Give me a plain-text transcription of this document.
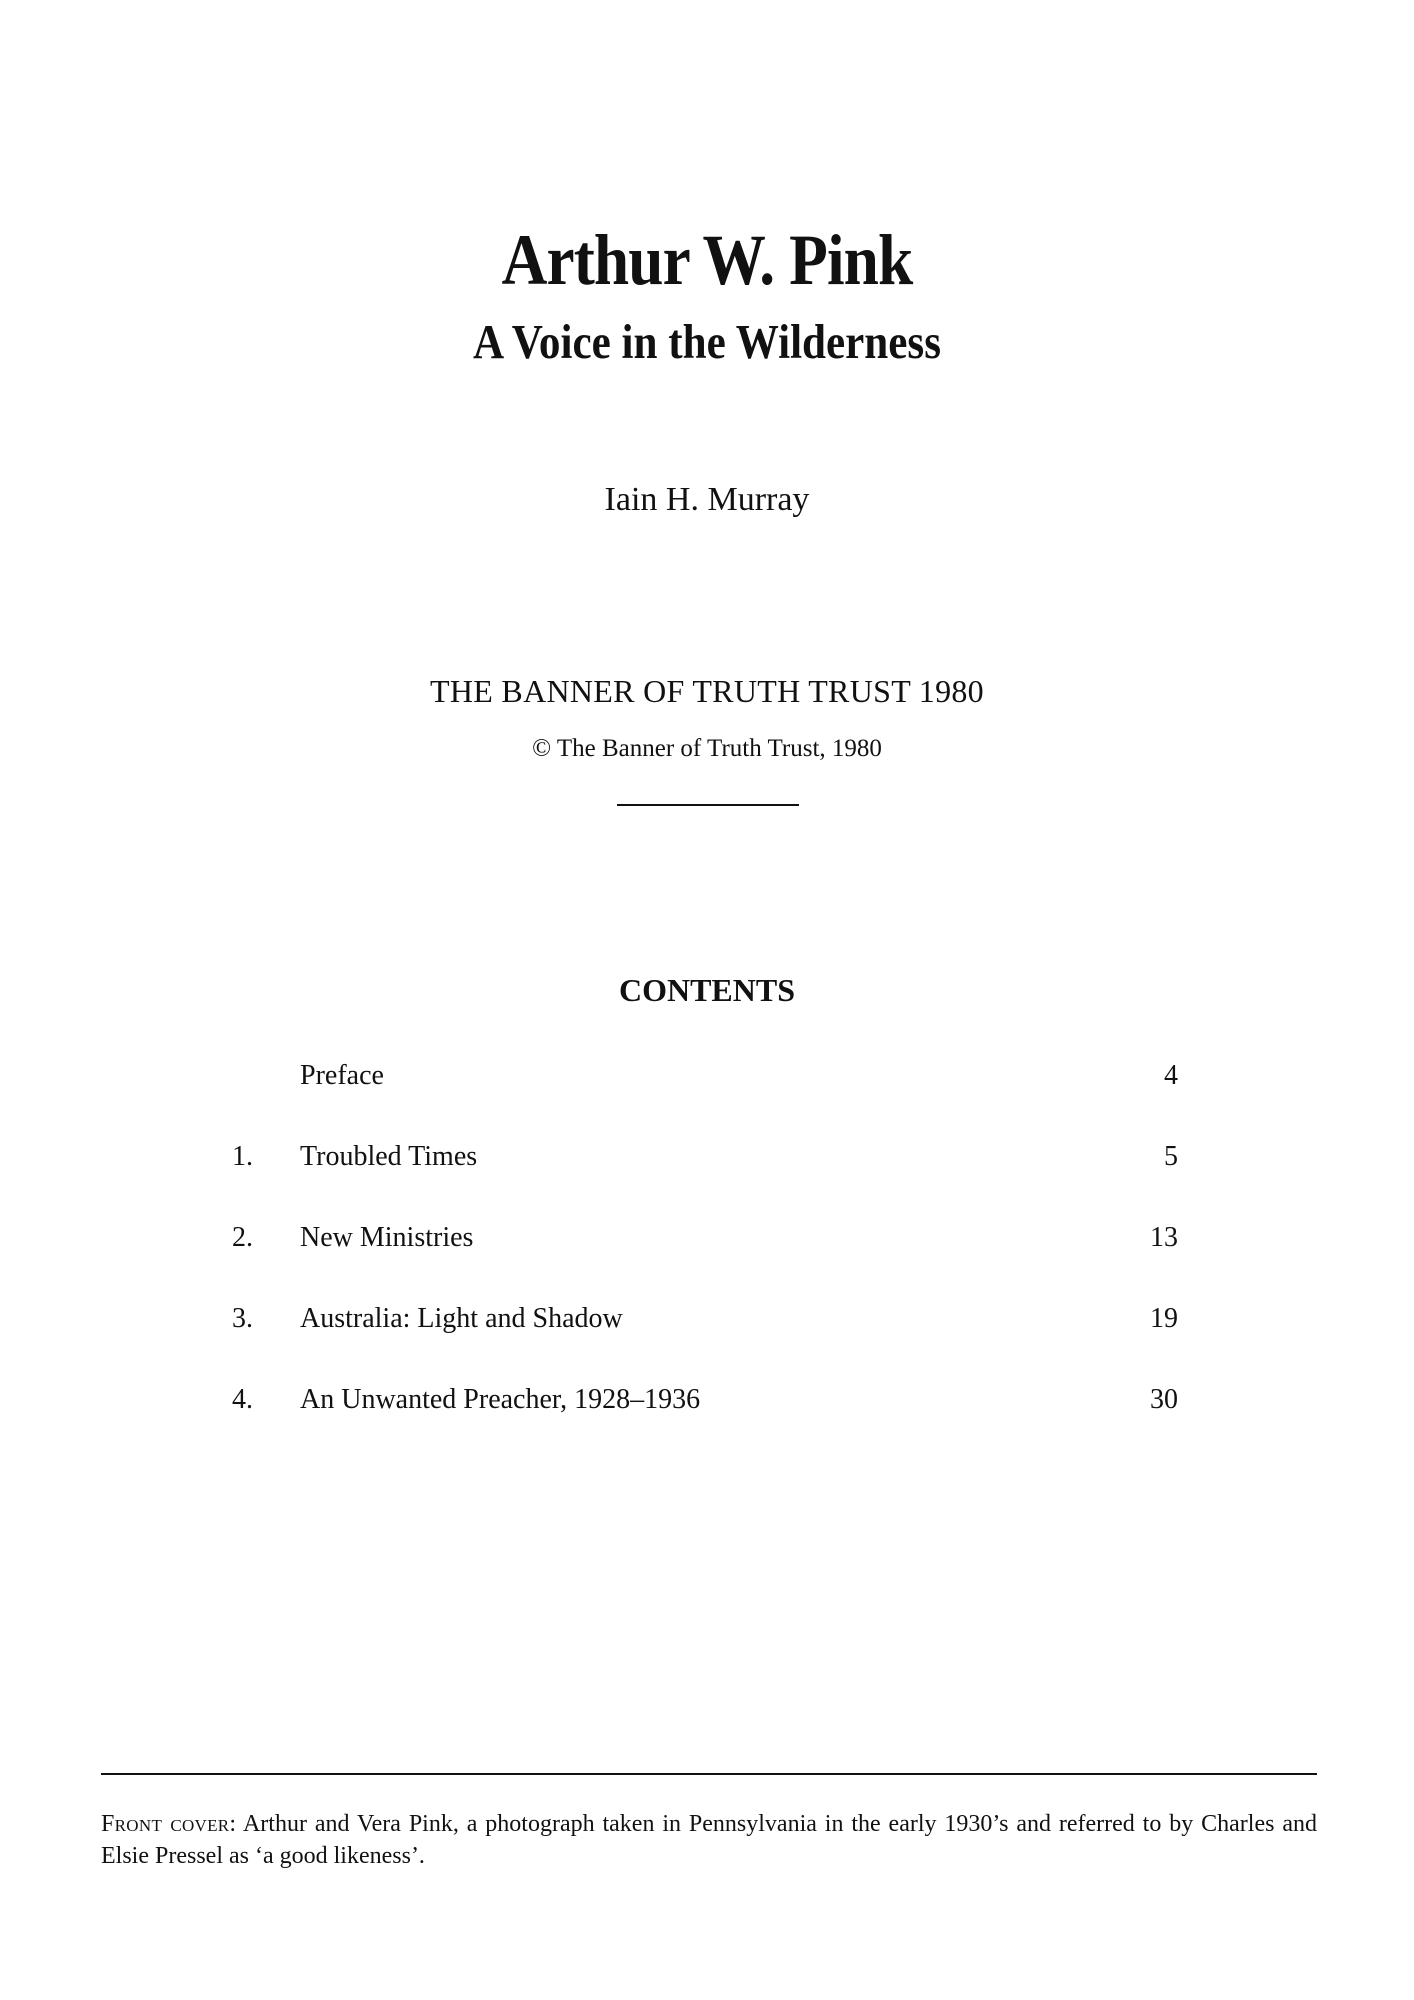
Arthur W. Pink
A Voice in the Wilderness
Iain H. Murray
THE BANNER OF TRUTH TRUST 1980
© The Banner of Truth Trust, 1980
CONTENTS
Preface	4
1. Troubled Times	5
2. New Ministries	13
3. Australia: Light and Shadow	19
4. An Unwanted Preacher, 1928–1936	30
Front cover: Arthur and Vera Pink, a photograph taken in Pennsylvania in the early 1930’s and referred to by Charles and Elsie Pressel as ‘a good likeness’.
